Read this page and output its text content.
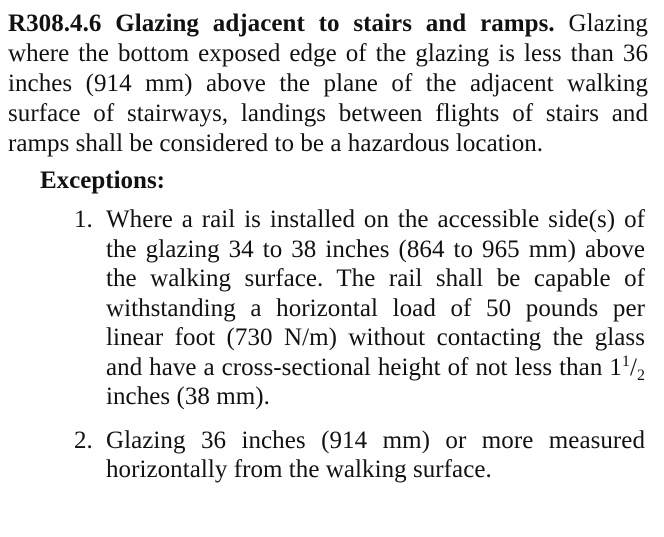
R308.4.6 Glazing adjacent to stairs and ramps. Glazing where the bottom exposed edge of the glazing is less than 36 inches (914 mm) above the plane of the adjacent walking surface of stairways, landings between flights of stairs and ramps shall be considered to be a hazardous location.

Exceptions:
1. Where a rail is installed on the accessible side(s) of the glazing 34 to 38 inches (864 to 965 mm) above the walking surface. The rail shall be capable of withstanding a horizontal load of 50 pounds per linear foot (730 N/m) without contacting the glass and have a cross-sectional height of not less than $1^1/_2$ inches (38 mm).
2. Glazing 36 inches (914 mm) or more measured horizontally from the walking surface.
